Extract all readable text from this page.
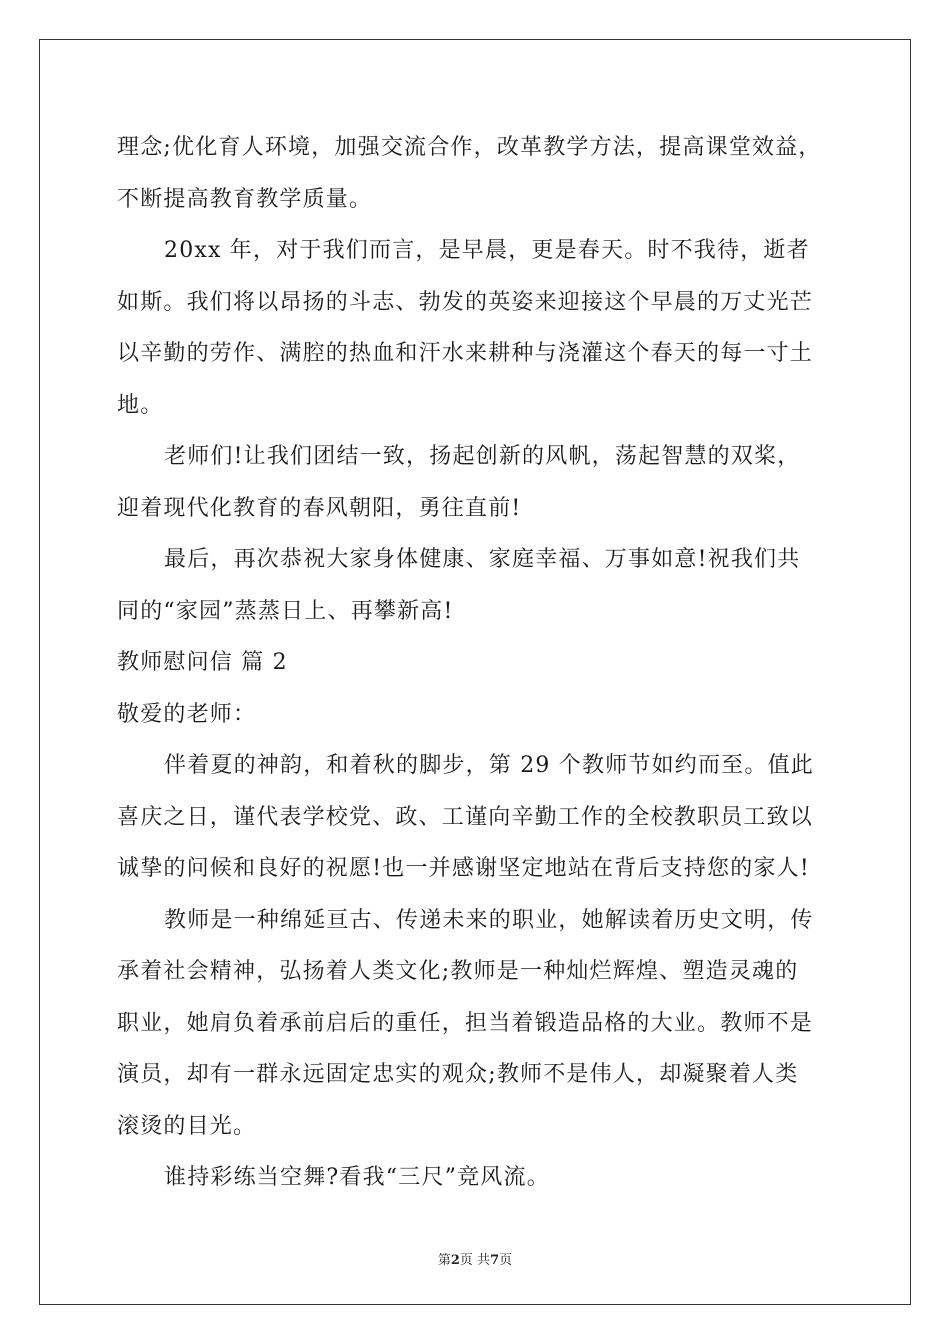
理念;优化育人环境，加强交流合作，改革教学方法，提高课堂效益，
不断提高教育教学质量。
20xx 年，对于我们而言，是早晨，更是春天。时不我待，逝者
如斯。我们将以昂扬的斗志、勃发的英姿来迎接这个早晨的万丈光芒
以辛勤的劳作、满腔的热血和汗水来耕种与浇灌这个春天的每一寸土
地。
老师们!让我们团结一致，扬起创新的风帆，荡起智慧的双桨，
迎着现代化教育的春风朝阳，勇往直前!
最后，再次恭祝大家身体健康、家庭幸福、万事如意!祝我们共
同的“家园”蒸蒸日上、再攀新高!
教师慰问信 篇 2
敬爱的老师：
伴着夏的神韵，和着秋的脚步，第 29 个教师节如约而至。值此
喜庆之日，谨代表学校党、政、工谨向辛勤工作的全校教职员工致以
诚挚的问候和良好的祝愿!也一并感谢坚定地站在背后支持您的家人!
教师是一种绵延亘古、传递未来的职业，她解读着历史文明，传
承着社会精神，弘扬着人类文化;教师是一种灿烂辉煌、塑造灵魂的
职业，她肩负着承前启后的重任，担当着锻造品格的大业。教师不是
演员，却有一群永远固定忠实的观众;教师不是伟人，却凝聚着人类
滚烫的目光。
谁持彩练当空舞?看我“三尺”竞风流。
第2页 共7页
